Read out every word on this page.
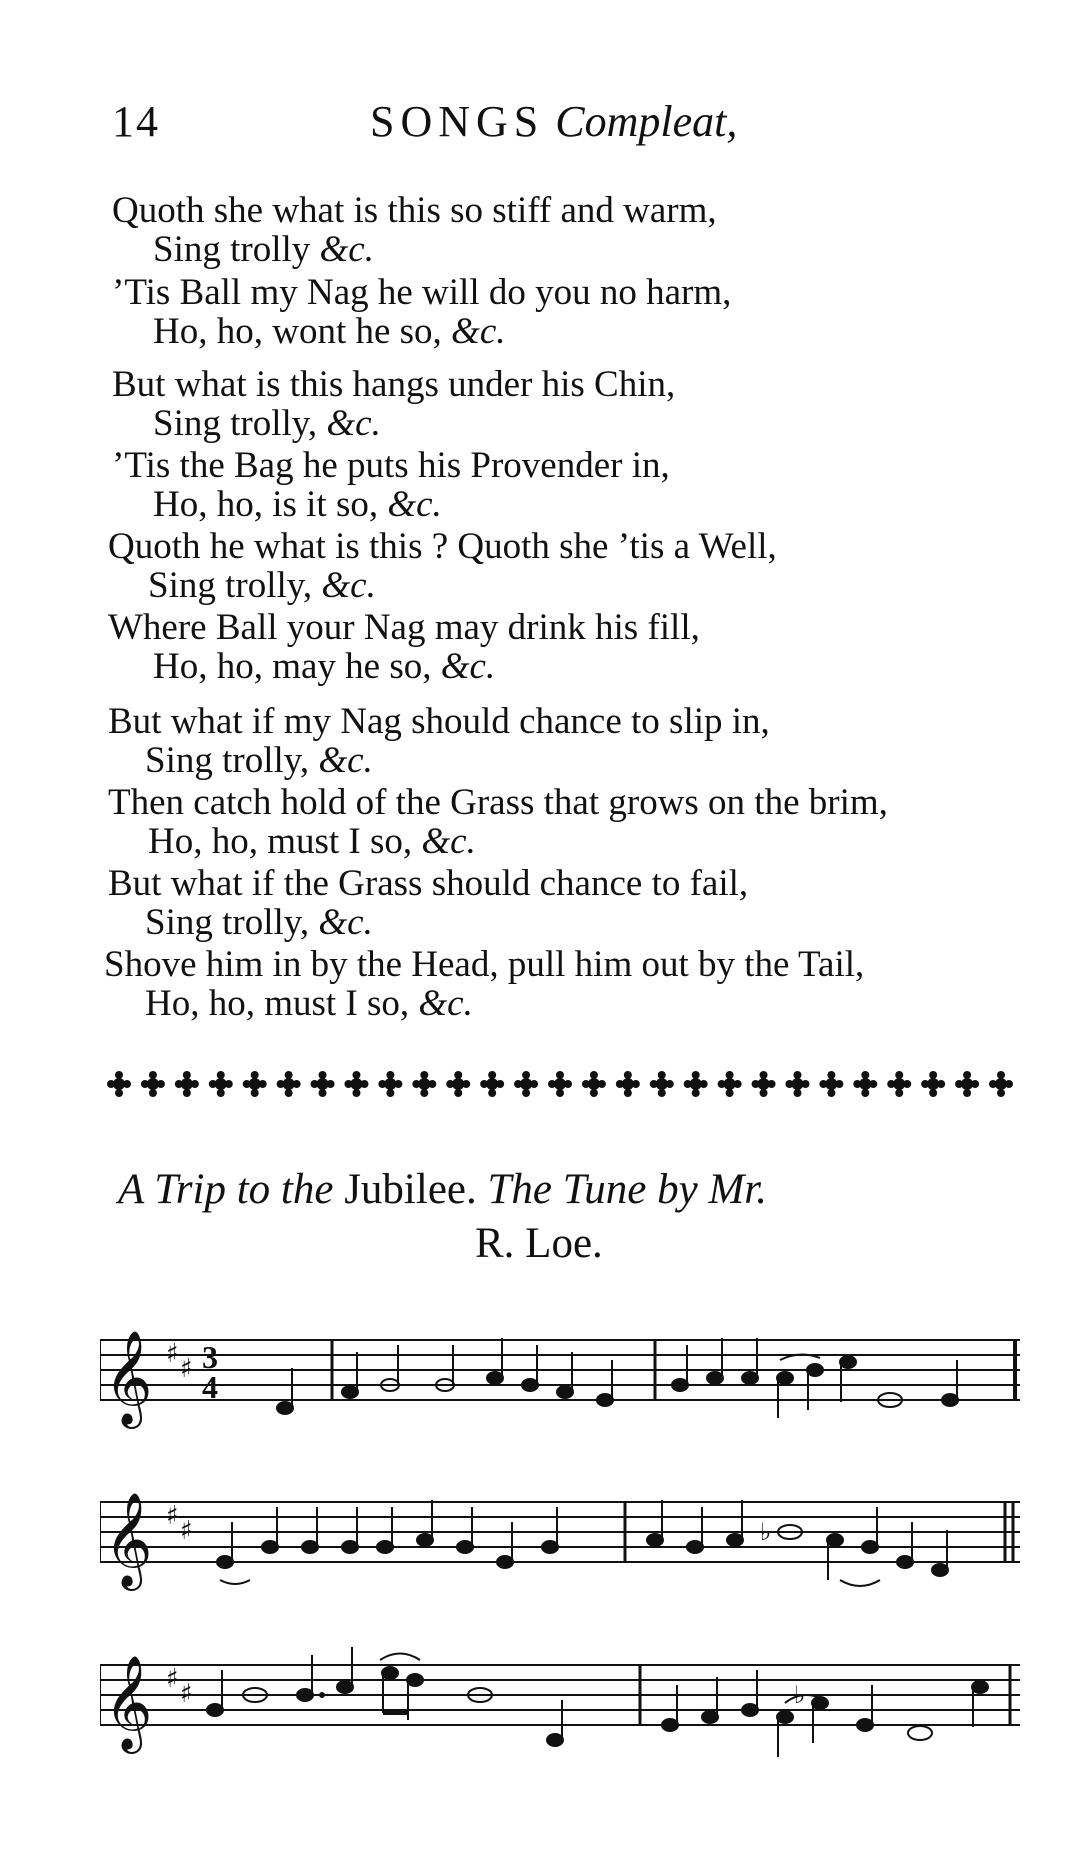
14	SONGS Compleat,
Quoth she what is this so stiff and warm,
Sing trolly &c.
’Tis Ball my Nag he will do you no harm,
Ho, ho, wont he so, &c.
But what is this hangs under his Chin,
Sing trolly, &c.
’Tis the Bag he puts his Provender in,
Ho, ho, is it so, &c.
Quoth he what is this ? Quoth she ’tis a Well,
Sing trolly, &c.
Where Ball your Nag may drink his fill,
Ho, ho, may he so, &c.
But what if my Nag should chance to slip in,
Sing trolly, &c.
Then catch hold of the Grass that grows on the brim,
Ho, ho, must I so, &c.
But what if the Grass should chance to fail,
Sing trolly, &c.
Shove him in by the Head, pull him out by the Tail,
Ho, ho, must I so, &c.
A Trip to the Jubilee. The Tune by Mr.
R. Loe.
𝄞 ♯ ♯ 3
4
𝄞 ♯ ♯	♭
𝄞 ♯ ♯	♭
